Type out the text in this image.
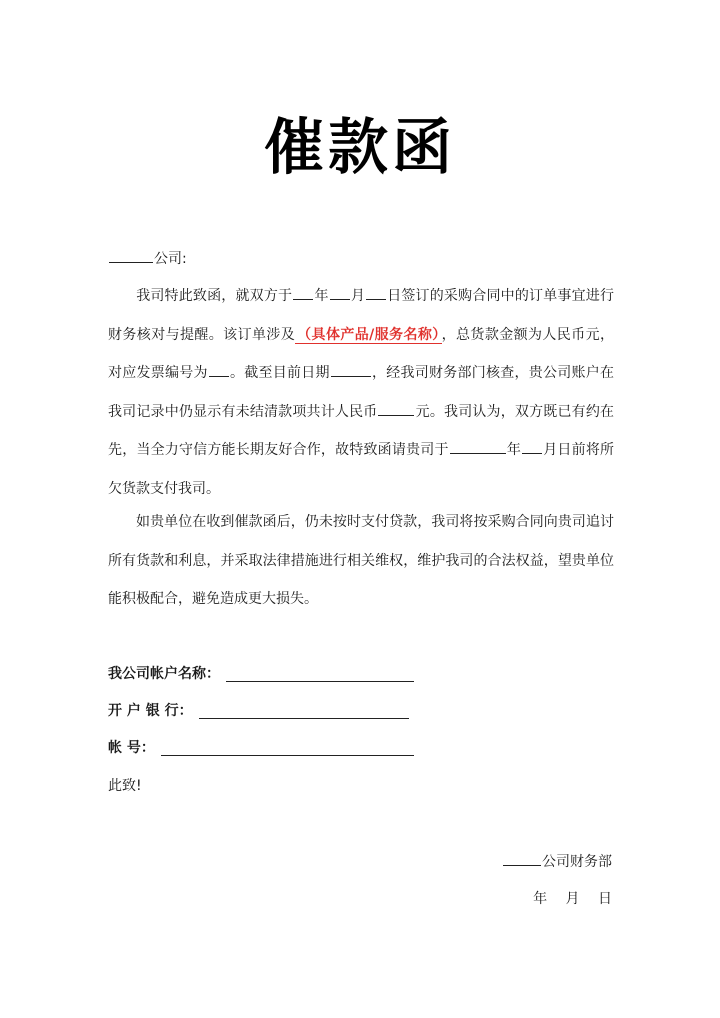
催款函
公司:
我司特此致函，就双方于 年 月 日签订的采购合同中的订单事宜进行财务核对与提醒。该订单涉及 （具体产品/服务名称） ，总货款金额为人民币元，对应发票编号为 。截至目前日期	，经我司财务部门核查，贵公司账户在我司记录中仍显示有未结清款项共计人民币	元。我司认为，双方既已有约在先，当全力守信方能长期友好合作，故特致函请贵司于	年 月日前将所欠货款支付我司。
如贵单位在收到催款函后，仍未按时支付贷款，我司将按采购合同向贵司追讨所有货款和利息，并采取法律措施进行相关维权，维护我司的合法权益，望贵单位能积极配合，避免造成更大损失。
我公司帐户名称：
开 户 银 行：
帐 号：
此致!
公司财务部
年 月 日
